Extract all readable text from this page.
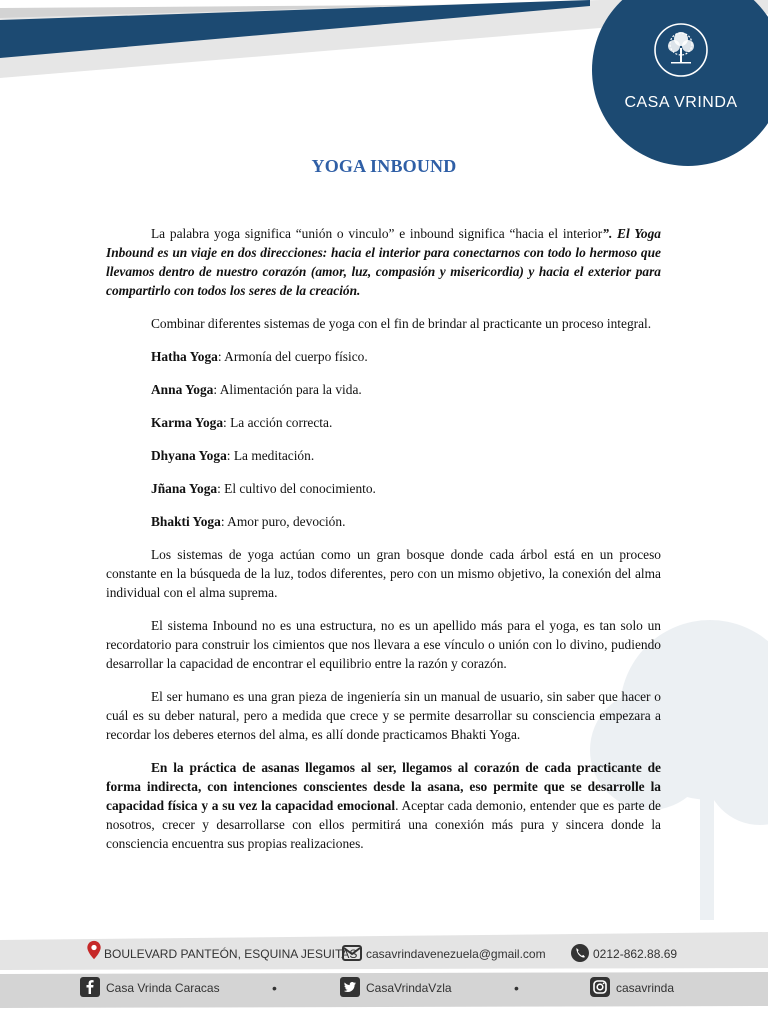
CASA VRINDA
YOGA INBOUND

La palabra yoga significa “unión o vinculo” e inbound significa “hacia el interior”. El Yoga Inbound es un viaje en dos direcciones: hacia el interior para conectarnos con todo lo hermoso que llevamos dentro de nuestro corazón (amor, luz, compasión y misericordia) y hacia el exterior para compartirlo con todos los seres de la creación.

Combinar diferentes sistemas de yoga con el fin de brindar al practicante un proceso integral.

Hatha Yoga: Armonía del cuerpo físico.

Anna Yoga: Alimentación para la vida.

Karma Yoga: La acción correcta.

Dhyana Yoga: La meditación.

Jñana Yoga: El cultivo del conocimiento.

Bhakti Yoga: Amor puro, devoción.

Los sistemas de yoga actúan como un gran bosque donde cada árbol está en un proceso constante en la búsqueda de la luz, todos diferentes, pero con un mismo objetivo, la conexión del alma individual con el alma suprema.

El sistema Inbound no es una estructura, no es un apellido más para el yoga, es tan solo un recordatorio para construir los cimientos que nos llevara a ese vínculo o unión con lo divino, pudiendo desarrollar la capacidad de encontrar el equilibrio entre la razón y corazón.

El ser humano es una gran pieza de ingeniería sin un manual de usuario, sin saber que hacer o cuál es su deber natural, pero a medida que crece y se permite desarrollar su consciencia empezara a recordar los deberes eternos del alma, es allí donde practicamos Bhakti Yoga.

En la práctica de asanas llegamos al ser, llegamos al corazón de cada practicante de forma indirecta, con intenciones conscientes desde la asana, eso permite que se desarrolle la capacidad física y a su vez la capacidad emocional. Aceptar cada demonio, entender que es parte de nosotros, crecer y desarrollarse con ellos permitirá una conexión más pura y sincera donde la consciencia encuentra sus propias realizaciones.

BOULEVARD PANTEÓN, ESQUINA JESUITAS casavrindavenezuela@gmail.com	0212-862.88.69
Casa Vrinda Caracas	•	CasaVrindaVzla	•	casavrinda
